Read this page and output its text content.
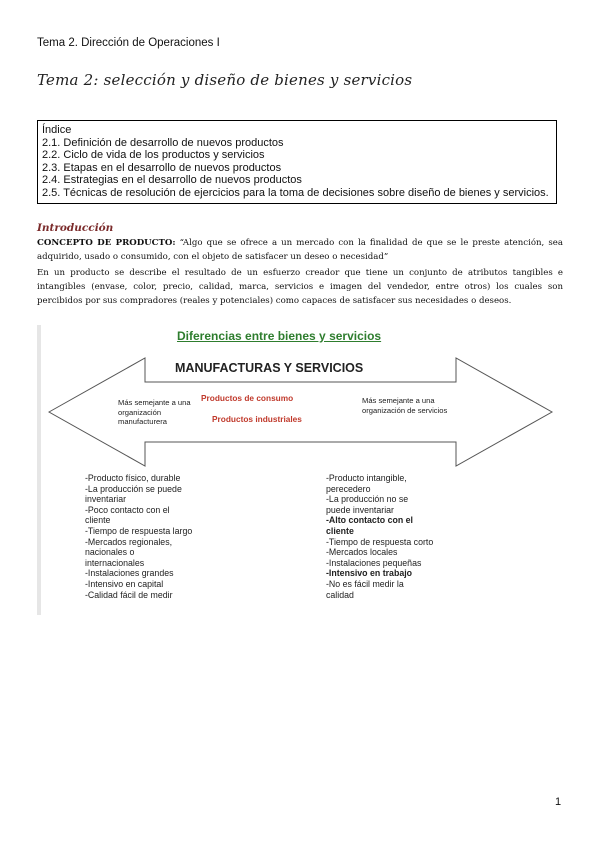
Tema 2. Dirección de Operaciones I
Tema 2: selección y diseño de bienes y servicios
Índice
2.1. Definición de desarrollo de nuevos productos
2.2. Ciclo de vida de los productos y servicios
2.3. Etapas en el desarrollo de nuevos productos
2.4. Estrategias en el desarrollo de nuevos productos
2.5. Técnicas de resolución de ejercicios para la toma de decisiones sobre diseño de bienes y servicios.
Introducción
CONCEPTO DE PRODUCTO: “Algo que se ofrece a un mercado con la finalidad de que se le preste atención, sea adquirido, usado o consumido, con el objeto de satisfacer un deseo o necesidad”
En un producto se describe el resultado de un esfuerzo creador que tiene un conjunto de atributos tangibles e intangibles (envase, color, precio, calidad, marca, servicios e imagen del vendedor, entre otros) los cuales son percibidos por sus compradores (reales y potenciales) como capaces de satisfacer sus necesidades o deseos.
Diferencias entre bienes y servicios
MANUFACTURAS Y SERVICIOS
Más semejante a una organización manufacturera
Productos de consumo
Productos industriales
Más semejante a una organización de servicios
-Producto físico, durable
-La producción se puede
inventariar
-Poco contacto con el
cliente
-Tiempo de respuesta largo
-Mercados regionales,
nacionales o
internacionales
-Instalaciones grandes
-Intensivo en capital
-Calidad fácil de medir
-Producto intangible,
perecedero
-La producción no se
puede inventariar
-Alto contacto con el
cliente
-Tiempo de respuesta corto
-Mercados locales
-Instalaciones pequeñas
-Intensivo en trabajo
-No es fácil medir la
calidad
1
